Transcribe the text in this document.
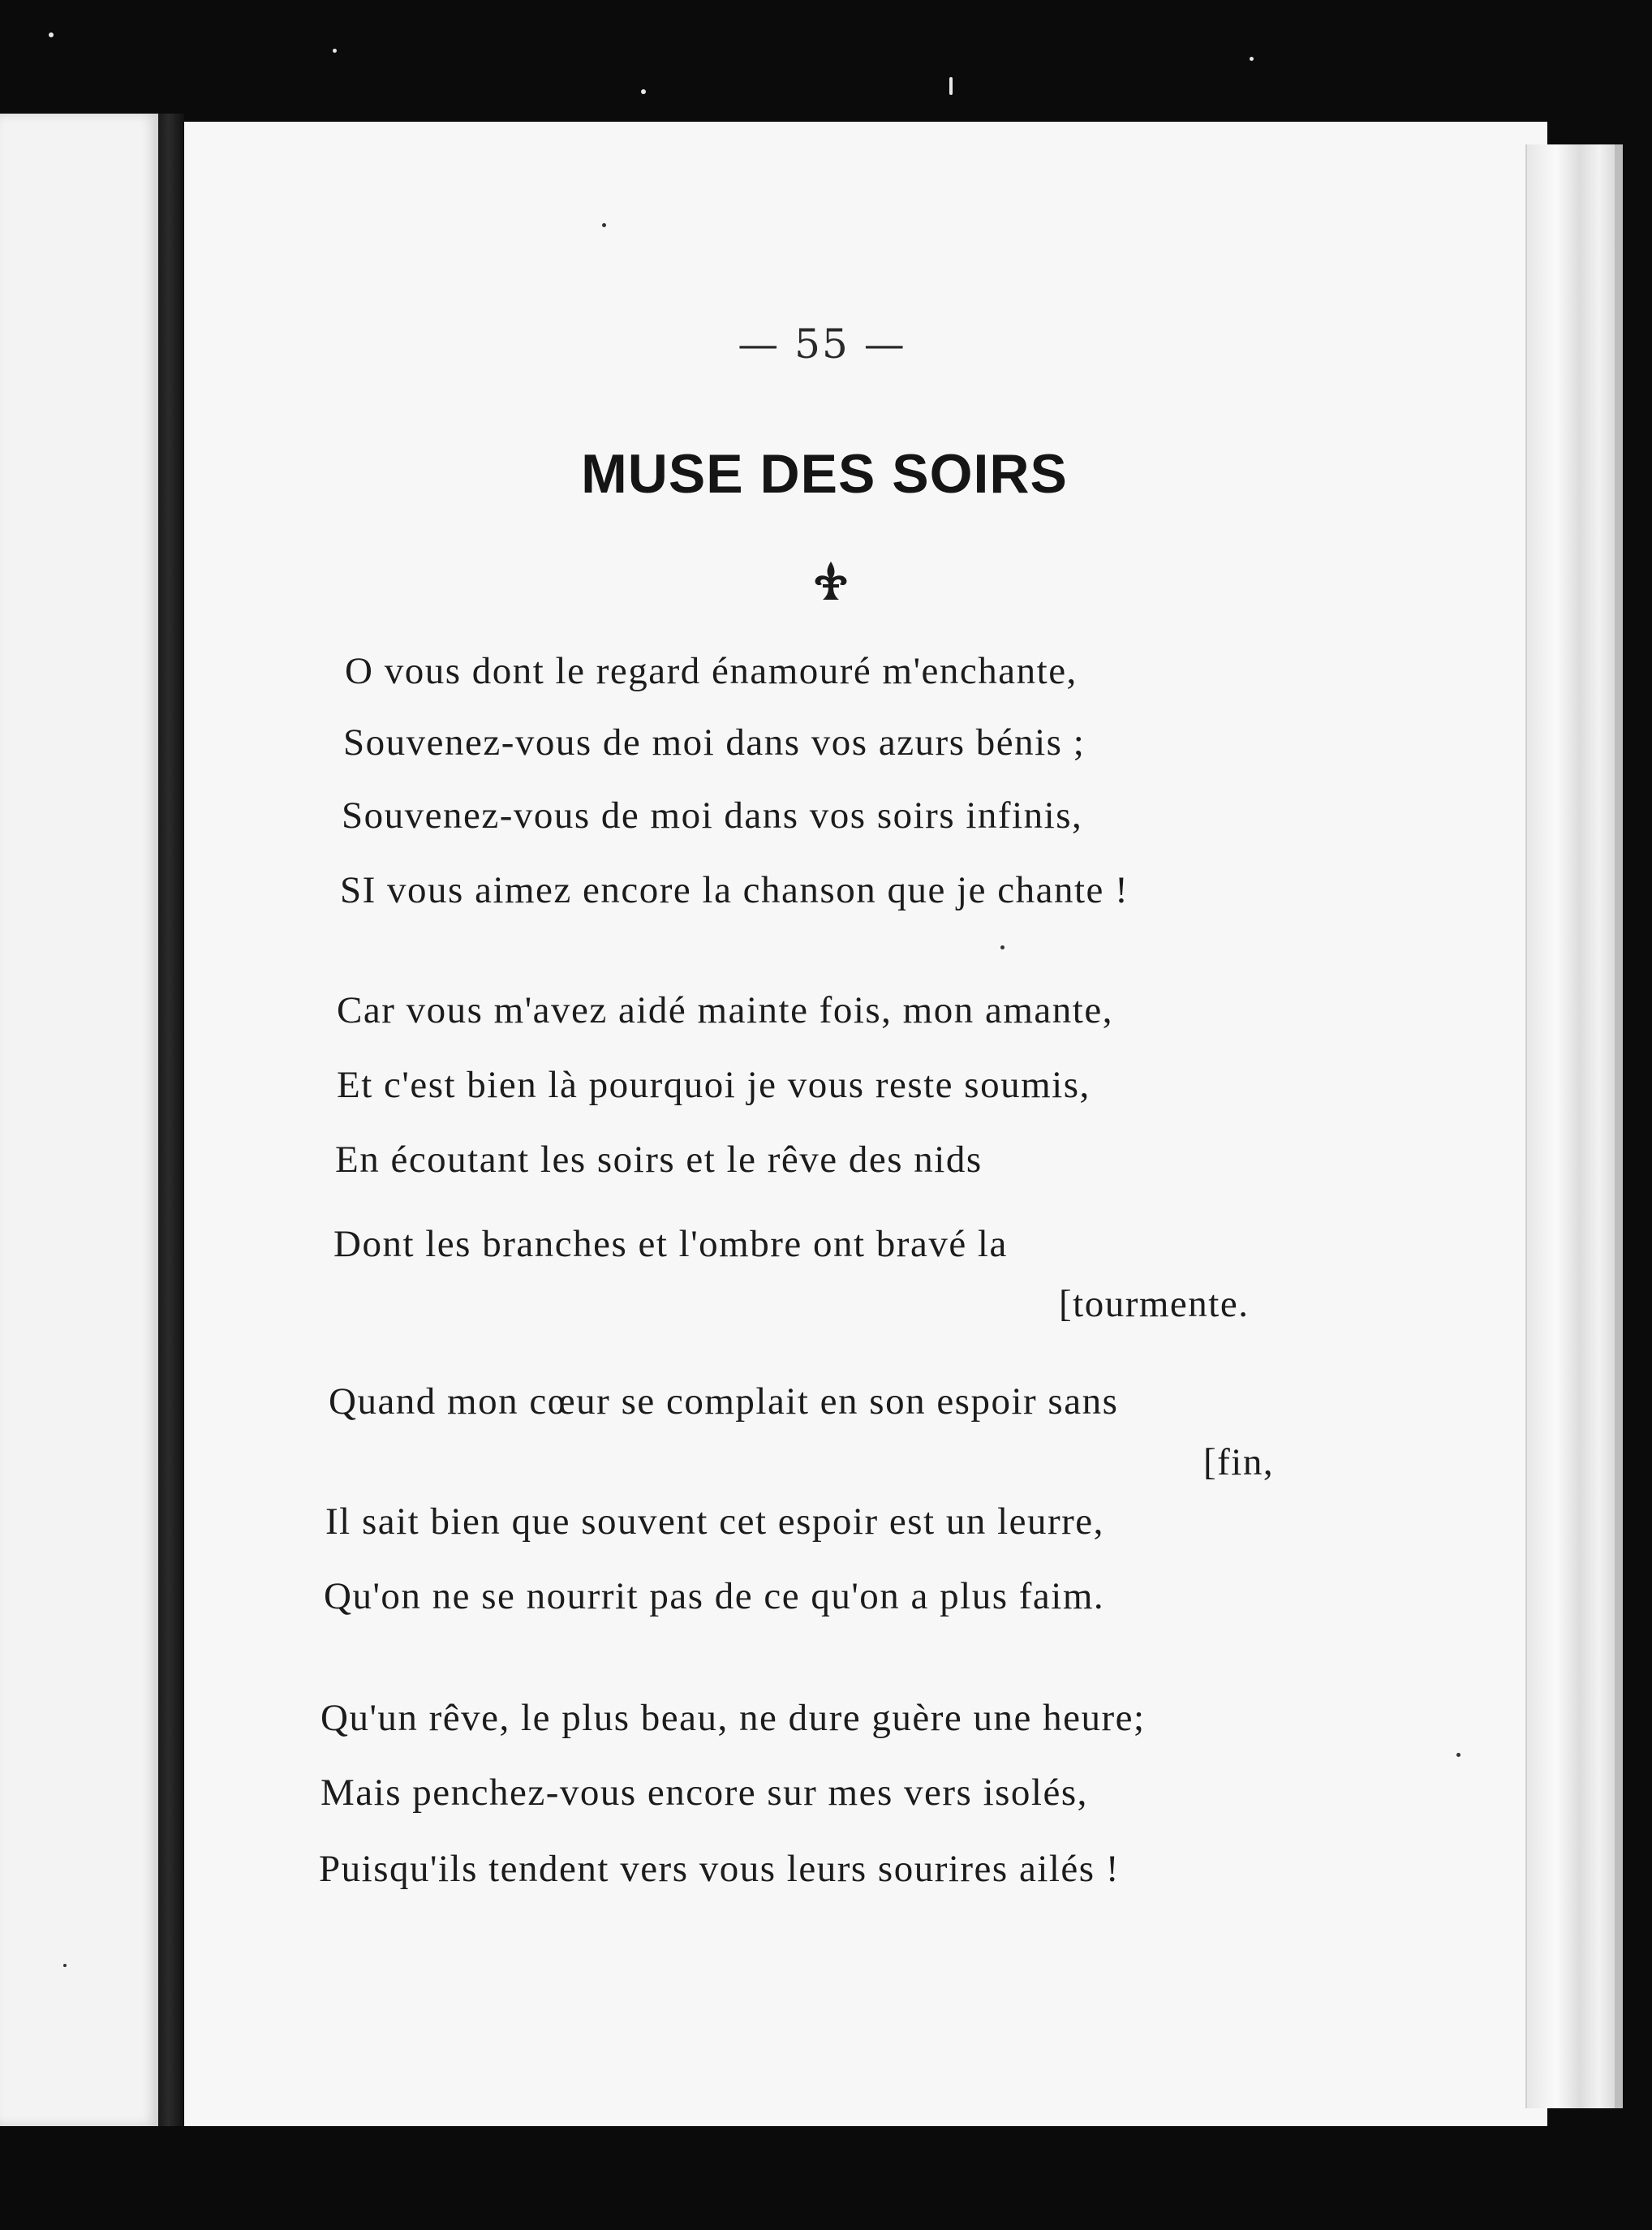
— 55 —
MUSE DES SOIRS
O vous dont le regard énamouré m'enchante,
Souvenez-vous de moi dans vos azurs bénis ;
Souvenez-vous de moi dans vos soirs infinis,
SI vous aimez encore la chanson que je chante !
Car vous m'avez aidé mainte fois, mon amante,
Et c'est bien là pourquoi je vous reste soumis,
En écoutant les soirs et le rêve des nids
Dont les branches et l'ombre ont bravé la
[tourmente.
Quand mon cœur se complait en son espoir sans
[fin,
Il sait bien que souvent cet espoir est un leurre,
Qu'on ne se nourrit pas de ce qu'on a plus faim.
Qu'un rêve, le plus beau, ne dure guère une heure;
Mais penchez-vous encore sur mes vers isolés,
Puisqu'ils tendent vers vous leurs sourires ailés !
